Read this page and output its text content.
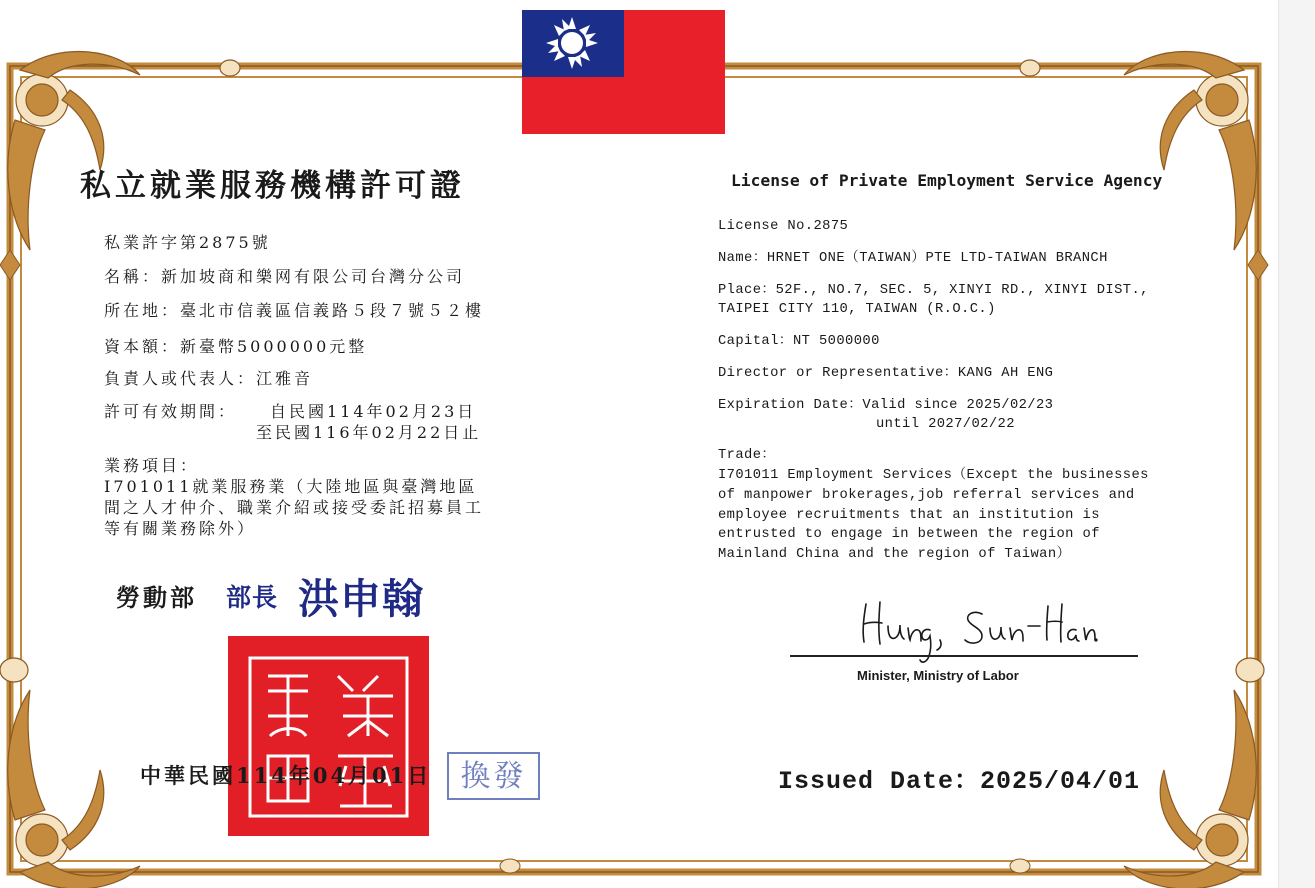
私立就業服務機構許可證
私業許字第2875號
名稱：新加坡商和樂网有限公司台灣分公司
所在地：臺北市信義區信義路５段７號５２樓
資本額：新臺幣5000000元整
負責人或代表人：江雅音
許可有效期間： 自民國114年02月23日
至民國116年02月22日止
業務項目：
I701011就業服務業（大陸地區與臺灣地區
間之人才仲介、職業介紹或接受委託招募員工
等有關業務除外）
勞動部 部長 洪申翰
中華民國114年04月01日 換發
License of Private Employment Service Agency
License No.2875
Name：HRNET ONE（TAIWAN）PTE LTD-TAIWAN BRANCH
Place：52F., NO.7, SEC. 5, XINYI RD., XINYI DIST.,
TAIPEI CITY 110, TAIWAN (R.O.C.)
Capital：NT 5000000
Director or Representative：KANG AH ENG
Expiration Date：Valid since 2025/02/23
until 2027/02/22
Trade：
I701011 Employment Services（Except the businesses
of manpower brokerages,job referral services and
employee recruitments that an institution is
entrusted to engage in between the region of
Mainland China and the region of Taiwan）
Minister, Ministry of Labor
Issued Date：2025/04/01
